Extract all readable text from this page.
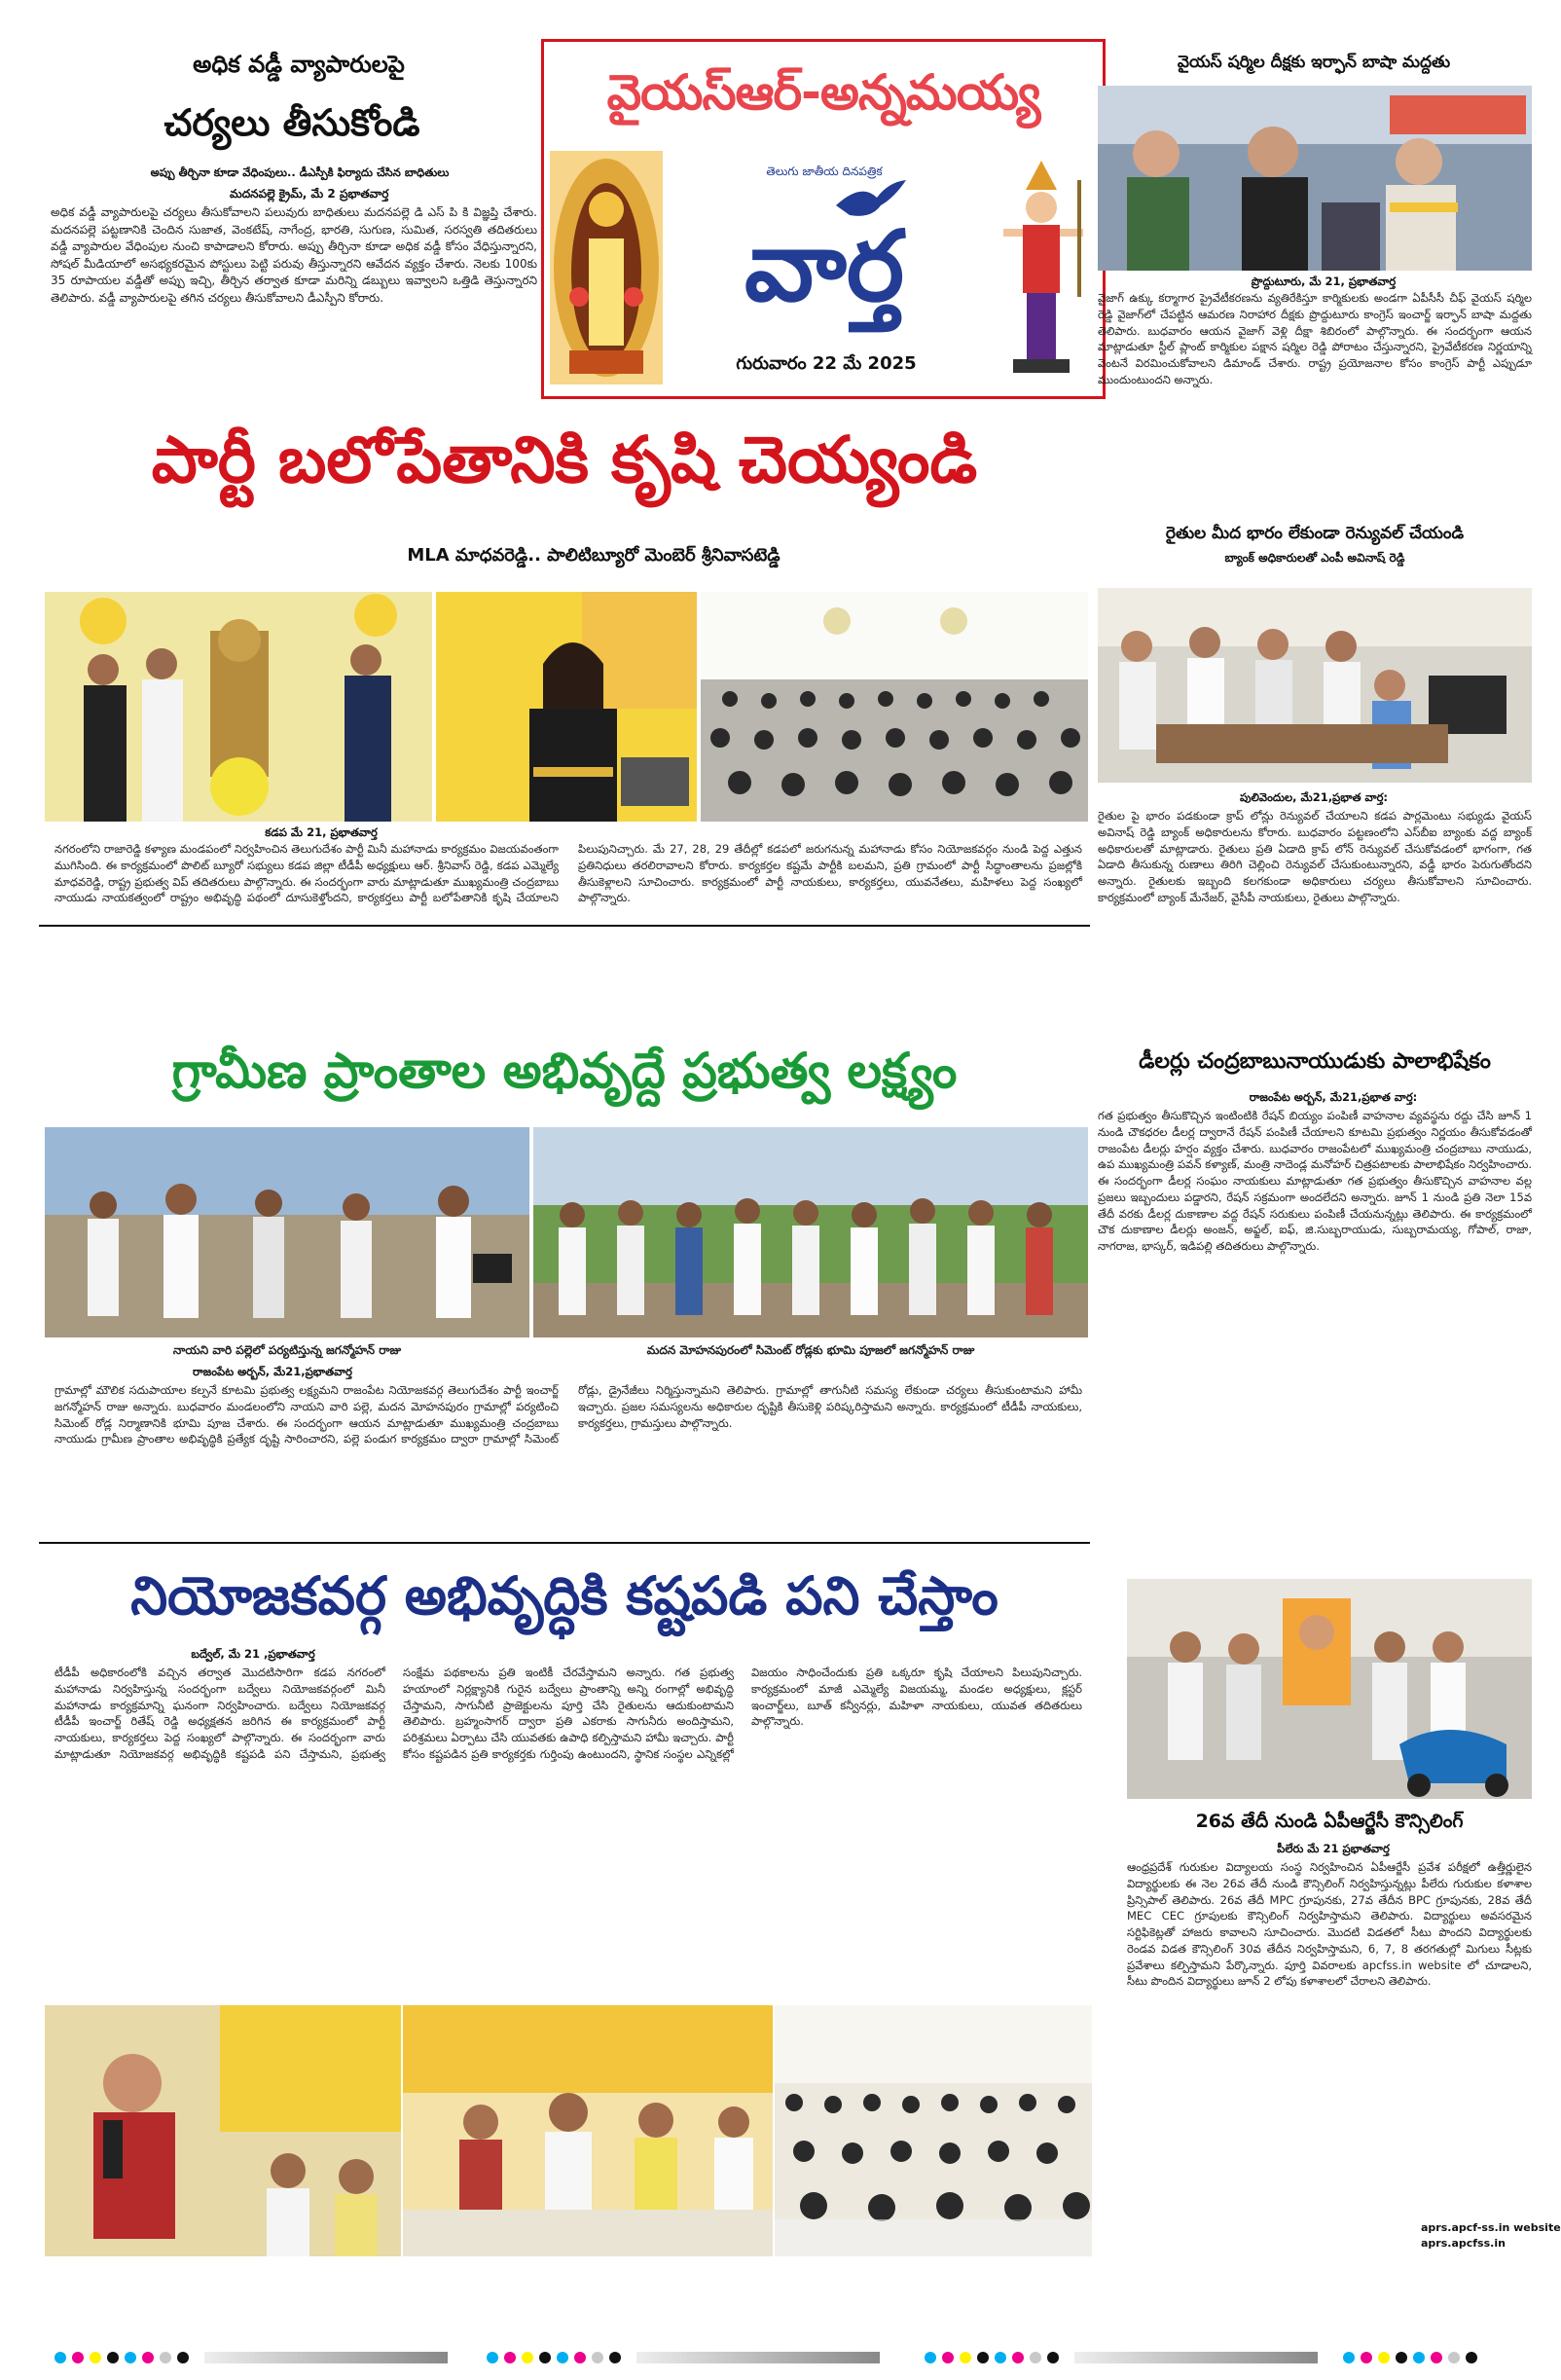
అధిక వడ్డీ వ్యాపారులపై
చర్యలు తీసుకోండి
అప్పు తీర్చినా కూడా వేధింపులు.. డీఎస్పీకి ఫిర్యాదు చేసిన బాధితులు
మదనపల్లె క్రైమ్, మే 2 ప్రభాతవార్త
అధిక వడ్డీ వ్యాపారులపై చర్యలు తీసుకోవాలని పలువురు బాధితులు మదనపల్లె డి ఎస్ పి కి విజ్ఞప్తి చేశారు. మదనపల్లె పట్టణానికి చెందిన సుజాత, వెంకటేష్, నాగేంద్ర, భారతి, సుగుణ, సుమిత, సరస్వతి తదితరులు వడ్డీ వ్యాపారుల వేధింపుల నుంచి కాపాడాలని కోరారు. అప్పు తీర్చినా కూడా అధిక వడ్డీ కోసం వేధిస్తున్నారని, సోషల్ మీడియాలో అసభ్యకరమైన పోస్టులు పెట్టి పరువు తీస్తున్నారని ఆవేదన వ్యక్తం చేశారు. నెలకు 100కు 35 రూపాయల వడ్డీతో అప్పు ఇచ్చి, తీర్చిన తర్వాత కూడా మరిన్ని డబ్బులు ఇవ్వాలని ఒత్తిడి తెస్తున్నారని తెలిపారు. వడ్డీ వ్యాపారులపై తగిన చర్యలు తీసుకోవాలని డీఎస్పీని కోరారు.
వైయస్ఆర్-అన్నమయ్య
తెలుగు జాతీయ దినపత్రిక
వార్త
గురువారం 22 మే 2025
వైయస్ షర్మిల దీక్షకు ఇర్ఫాన్ బాషా మద్దతు
ప్రొద్దుటూరు, మే 21, ప్రభాతవార్త
వైజాగ్ ఉక్కు కర్మాగార ప్రైవేటీకరణను వ్యతిరేకిస్తూ కార్మికులకు అండగా ఏపీసీసీ చీఫ్ వైయస్ షర్మిల రెడ్డి వైజాగ్‌లో చేపట్టిన ఆమరణ నిరాహార దీక్షకు ప్రొద్దుటూరు కాంగ్రెస్ ఇంచార్జ్ ఇర్ఫాన్ బాషా మద్దతు తెలిపారు. బుధవారం ఆయన వైజాగ్ వెళ్లి దీక్షా శిబిరంలో పాల్గొన్నారు. ఈ సందర్భంగా ఆయన మాట్లాడుతూ స్టీల్ ప్లాంట్ కార్మికుల పక్షాన షర్మిల రెడ్డి పోరాటం చేస్తున్నారని, ప్రైవేటీకరణ నిర్ణయాన్ని వెంటనే విరమించుకోవాలని డిమాండ్ చేశారు. రాష్ట్ర ప్రయోజనాల కోసం కాంగ్రెస్ పార్టీ ఎప్పుడూ ముందుంటుందని అన్నారు.
రైతుల మీద భారం లేకుండా రెన్యువల్ చేయండి
బ్యాంక్ అధికారులతో ఎంపీ అవినాష్ రెడ్డి
పులివెందుల, మే21,ప్రభాత వార్త:
రైతుల పై భారం పడకుండా క్రాప్ లోన్లు రెన్యువల్ చేయాలని కడప పార్లమెంటు సభ్యుడు వైయస్ అవినాష్ రెడ్డి బ్యాంక్ అధికారులను కోరారు. బుధవారం పట్టణంలోని ఎస్‌బీఐ బ్యాంకు వద్ద బ్యాంక్ అధికారులతో మాట్లాడారు. రైతులు ప్రతి ఏడాది క్రాప్ లోన్ రెన్యువల్ చేసుకోవడంలో భాగంగా, గత ఏడాది తీసుకున్న రుణాలు తిరిగి చెల్లించి రెన్యువల్ చేసుకుంటున్నారని, వడ్డీ భారం పెరుగుతోందని అన్నారు. రైతులకు ఇబ్బంది కలగకుండా అధికారులు చర్యలు తీసుకోవాలని సూచించారు. కార్యక్రమంలో బ్యాంక్ మేనేజర్, వైసీపీ నాయకులు, రైతులు పాల్గొన్నారు.
డీలర్లు చంద్రబాబునాయుడుకు పాలాభిషేకం
రాజంపేట అర్బన్, మే21,ప్రభాత వార్త:
గత ప్రభుత్వం తీసుకొచ్చిన ఇంటింటికి రేషన్ బియ్యం పంపిణీ వాహనాల వ్యవస్థను రద్దు చేసి జూన్ 1 నుండి చౌకధరల డీలర్ల ద్వారానే రేషన్ పంపిణీ చేయాలని కూటమి ప్రభుత్వం నిర్ణయం తీసుకోవడంతో రాజంపేట డీలర్లు హర్షం వ్యక్తం చేశారు. బుధవారం రాజంపేటలో ముఖ్యమంత్రి చంద్రబాబు నాయుడు, ఉప ముఖ్యమంత్రి పవన్ కళ్యాణ్, మంత్రి నాదెండ్ల మనోహర్ చిత్రపటాలకు పాలాభిషేకం నిర్వహించారు. ఈ సందర్భంగా డీలర్ల సంఘం నాయకులు మాట్లాడుతూ గత ప్రభుత్వం తీసుకొచ్చిన వాహనాల వల్ల ప్రజలు ఇబ్బందులు పడ్డారని, రేషన్ సక్రమంగా అందలేదని అన్నారు. జూన్ 1 నుండి ప్రతి నెలా 15వ తేదీ వరకు డీలర్ల దుకాణాల వద్ద రేషన్ సరుకులు పంపిణీ చేయనున్నట్లు తెలిపారు. ఈ కార్యక్రమంలో చౌక దుకాణాల డీలర్లు అంజన్, అఫ్జల్, ఐఫ్, జి.సుబ్బరాయుడు, సుబ్బరామయ్య, గోపాల్, రాజా, నాగరాజ, భాస్కర్, ఇడిపల్లి తదితరులు పాల్గొన్నారు.
26వ తేదీ నుండి ఏపీఆర్జేసీ కౌన్సిలింగ్
పీలేరు మే 21 ప్రభాతవార్త
ఆంధ్రప్రదేశ్ గురుకుల విద్యాలయ సంస్థ నిర్వహించిన ఏపీఆర్జేసీ ప్రవేశ పరీక్షలో ఉత్తీర్ణులైన విద్యార్థులకు ఈ నెల 26వ తేదీ నుండి కౌన్సిలింగ్ నిర్వహిస్తున్నట్లు పీలేరు గురుకుల కళాశాల ప్రిన్సిపాల్ తెలిపారు. 26వ తేదీ MPC గ్రూపునకు, 27వ తేదీన BPC గ్రూపునకు, 28వ తేదీ MEC CEC గ్రూపులకు కౌన్సిలింగ్ నిర్వహిస్తామని తెలిపారు. విద్యార్థులు అవసరమైన సర్టిఫికెట్లతో హాజరు కావాలని సూచించారు. మొదటి విడతలో సీటు పొందని విద్యార్థులకు రెండవ విడత కౌన్సిలింగ్ 30వ తేదీన నిర్వహిస్తామని, 6, 7, 8 తరగతుల్లో మిగులు సీట్లకు ప్రవేశాలు కల్పిస్తామని పేర్కొన్నారు. పూర్తి వివరాలకు apcfss.in website లో చూడాలని, సీటు పొందిన విద్యార్థులు జూన్ 2 లోపు కళాశాలలో చేరాలని తెలిపారు.
aprs.apcf-ss.in website
aprs.apcfss.in
పార్టీ బలోపేతానికి కృషి చెయ్యండి
MLA మాధవరెడ్డి.. పాలిటిబ్యూరో మెంబెర్ శ్రీనివాసటెడ్డి
కడప మే 21, ప్రభాతవార్త
నగరంలోని రాజారెడ్డి కళ్యాణ మండపంలో నిర్వహించిన తెలుగుదేశం పార్టీ మినీ మహానాడు కార్యక్రమం విజయవంతంగా ముగిసింది. ఈ కార్యక్రమంలో పొలిట్ బ్యూరో సభ్యులు కడప జిల్లా టీడీపీ అధ్యక్షులు ఆర్. శ్రీనివాస్ రెడ్డి, కడప ఎమ్మెల్యే మాధవరెడ్డి, రాష్ట్ర ప్రభుత్వ విప్ తదితరులు పాల్గొన్నారు. ఈ సందర్భంగా వారు మాట్లాడుతూ ముఖ్యమంత్రి చంద్రబాబు నాయుడు నాయకత్వంలో రాష్ట్రం అభివృద్ధి పథంలో దూసుకెళ్తోందని, కార్యకర్తలు పార్టీ బలోపేతానికి కృషి చేయాలని పిలుపునిచ్చారు. మే 27, 28, 29 తేదీల్లో కడపలో జరుగనున్న మహానాడు కోసం నియోజకవర్గం నుండి పెద్ద ఎత్తున ప్రతినిధులు తరలిరావాలని కోరారు. కార్యకర్తల కష్టమే పార్టీకి బలమని, ప్రతి గ్రామంలో పార్టీ సిద్ధాంతాలను ప్రజల్లోకి తీసుకెళ్లాలని సూచించారు. కార్యక్రమంలో పార్టీ నాయకులు, కార్యకర్తలు, యువనేతలు, మహిళలు పెద్ద సంఖ్యలో పాల్గొన్నారు.
గ్రామీణ ప్రాంతాల అభివృద్దే ప్రభుత్వ లక్ష్యం
నాయని వారి పల్లెలో పర్యటిస్తున్న జగన్మోహన్ రాజు	మదన మోహనపురంలో సిమెంట్ రోడ్లకు భూమి పూజలో జగన్మోహన్ రాజు
రాజంపేట అర్బన్, మే21,ప్రభాతవార్త
గ్రామాల్లో మౌలిక సదుపాయాల కల్పనే కూటమి ప్రభుత్వ లక్ష్యమని రాజంపేట నియోజకవర్గ తెలుగుదేశం పార్టీ ఇంచార్జ్ జగన్మోహన్ రాజు అన్నారు. బుధవారం మండలంలోని నాయని వారి పల్లె, మదన మోహనపురం గ్రామాల్లో పర్యటించి సిమెంట్ రోడ్ల నిర్మాణానికి భూమి పూజ చేశారు. ఈ సందర్భంగా ఆయన మాట్లాడుతూ ముఖ్యమంత్రి చంద్రబాబు నాయుడు గ్రామీణ ప్రాంతాల అభివృద్ధికి ప్రత్యేక దృష్టి సారించారని, పల్లె పండుగ కార్యక్రమం ద్వారా గ్రామాల్లో సిమెంట్ రోడ్లు, డ్రైనేజీలు నిర్మిస్తున్నామని తెలిపారు. గ్రామాల్లో తాగునీటి సమస్య లేకుండా చర్యలు తీసుకుంటామని హామీ ఇచ్చారు. ప్రజల సమస్యలను అధికారుల దృష్టికి తీసుకెళ్లి పరిష్కరిస్తామని అన్నారు. కార్యక్రమంలో టీడీపీ నాయకులు, కార్యకర్తలు, గ్రామస్తులు పాల్గొన్నారు.
నియోజకవర్గ అభివృద్ధికి కష్టపడి పని చేస్తాం
బద్వేల్, మే 21 ,ప్రభాతవార్త
టీడీపీ అధికారంలోకి వచ్చిన తర్వాత మొదటిసారిగా కడప నగరంలో మహానాడు నిర్వహిస్తున్న సందర్భంగా బద్వేలు నియోజకవర్గంలో మినీ మహానాడు కార్యక్రమాన్ని ఘనంగా నిర్వహించారు. బద్వేలు నియోజకవర్గ టీడీపీ ఇంచార్జ్ రితేష్ రెడ్డి అధ్యక్షతన జరిగిన ఈ కార్యక్రమంలో పార్టీ నాయకులు, కార్యకర్తలు పెద్ద సంఖ్యలో పాల్గొన్నారు. ఈ సందర్భంగా వారు మాట్లాడుతూ నియోజకవర్గ అభివృద్ధికి కష్టపడి పని చేస్తామని, ప్రభుత్వ సంక్షేమ పథకాలను ప్రతి ఇంటికీ చేరవేస్తామని అన్నారు. గత ప్రభుత్వ హయాంలో నిర్లక్ష్యానికి గురైన బద్వేలు ప్రాంతాన్ని అన్ని రంగాల్లో అభివృద్ధి చేస్తామని, సాగునీటి ప్రాజెక్టులను పూర్తి చేసి రైతులను ఆదుకుంటామని తెలిపారు. బ్రహ్మంసాగర్ ద్వారా ప్రతి ఎకరాకు సాగునీరు అందిస్తామని, పరిశ్రమలు ఏర్పాటు చేసి యువతకు ఉపాధి కల్పిస్తామని హామీ ఇచ్చారు. పార్టీ కోసం కష్టపడిన ప్రతి కార్యకర్తకు గుర్తింపు ఉంటుందని, స్థానిక సంస్థల ఎన్నికల్లో విజయం సాధించేందుకు ప్రతి ఒక్కరూ కృషి చేయాలని పిలుపునిచ్చారు. కార్యక్రమంలో మాజీ ఎమ్మెల్యే విజయమ్మ, మండల అధ్యక్షులు, క్లస్టర్ ఇంచార్జ్‌లు, బూత్ కన్వీనర్లు, మహిళా నాయకులు, యువత తదితరులు పాల్గొన్నారు.
